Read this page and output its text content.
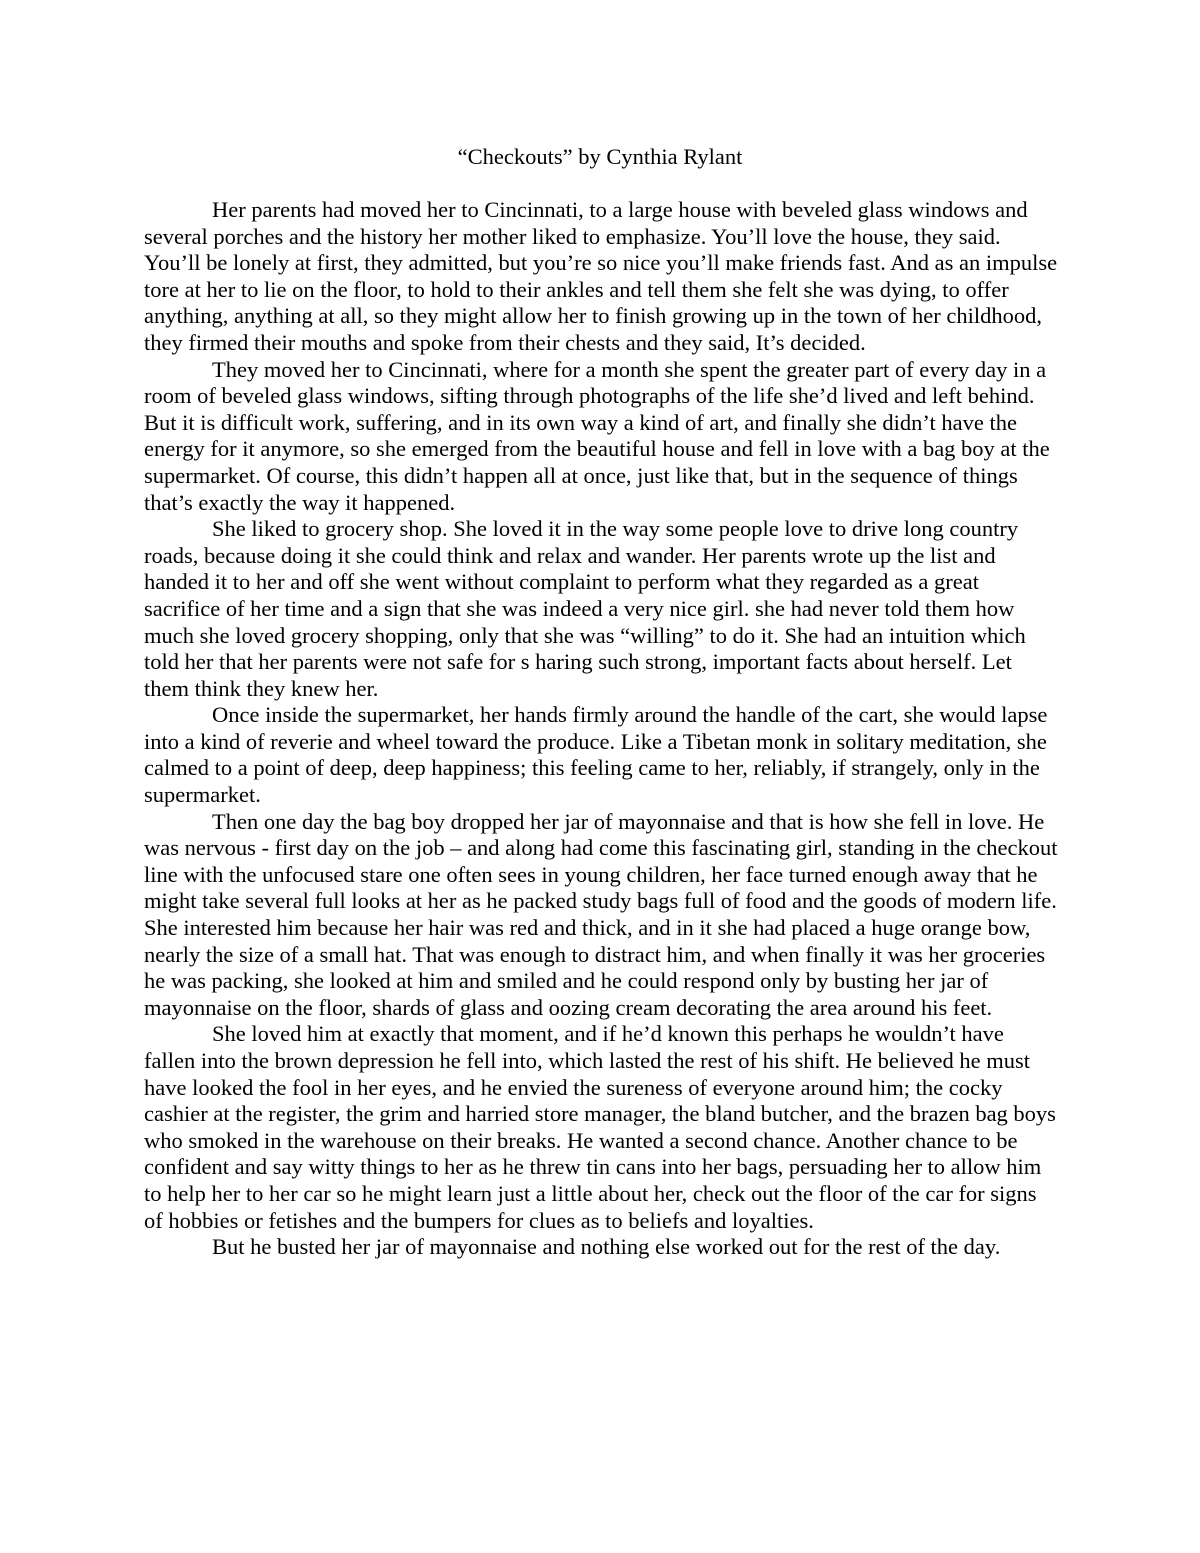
“Checkouts” by Cynthia Rylant

Her parents had moved her to Cincinnati, to a large house with beveled glass windows and several porches and the history her mother liked to emphasize. You’ll love the house, they said. You’ll be lonely at first, they admitted, but you’re so nice you’ll make friends fast. And as an impulse tore at her to lie on the floor, to hold to their ankles and tell them she felt she was dying, to offer anything, anything at all, so they might allow her to finish growing up in the town of her childhood, they firmed their mouths and spoke from their chests and they said, It’s decided.

They moved her to Cincinnati, where for a month she spent the greater part of every day in a room of beveled glass windows, sifting through photographs of the life she’d lived and left behind. But it is difficult work, suffering, and in its own way a kind of art, and finally she didn’t have the energy for it anymore, so she emerged from the beautiful house and fell in love with a bag boy at the supermarket. Of course, this didn’t happen all at once, just like that, but in the sequence of things that’s exactly the way it happened.

She liked to grocery shop. She loved it in the way some people love to drive long country roads, because doing it she could think and relax and wander. Her parents wrote up the list and handed it to her and off she went without complaint to perform what they regarded as a great sacrifice of her time and a sign that she was indeed a very nice girl. she had never told them how much she loved grocery shopping, only that she was “willing” to do it. She had an intuition which told her that her parents were not safe for s haring such strong, important facts about herself. Let them think they knew her.

Once inside the supermarket, her hands firmly around the handle of the cart, she would lapse into a kind of reverie and wheel toward the produce. Like a Tibetan monk in solitary meditation, she calmed to a point of deep, deep happiness; this feeling came to her, reliably, if strangely, only in the supermarket.

Then one day the bag boy dropped her jar of mayonnaise and that is how she fell in love. He was nervous - first day on the job – and along had come this fascinating girl, standing in the checkout line with the unfocused stare one often sees in young children, her face turned enough away that he might take several full looks at her as he packed study bags full of food and the goods of modern life. She interested him because her hair was red and thick, and in it she had placed a huge orange bow, nearly the size of a small hat. That was enough to distract him, and when finally it was her groceries he was packing, she looked at him and smiled and he could respond only by busting her jar of mayonnaise on the floor, shards of glass and oozing cream decorating the area around his feet.

She loved him at exactly that moment, and if he’d known this perhaps he wouldn’t have fallen into the brown depression he fell into, which lasted the rest of his shift. He believed he must have looked the fool in her eyes, and he envied the sureness of everyone around him; the cocky cashier at the register, the grim and harried store manager, the bland butcher, and the brazen bag boys who smoked in the warehouse on their breaks. He wanted a second chance. Another chance to be confident and say witty things to her as he threw tin cans into her bags, persuading her to allow him to help her to her car so he might learn just a little about her, check out the floor of the car for signs of hobbies or fetishes and the bumpers for clues as to beliefs and loyalties.

But he busted her jar of mayonnaise and nothing else worked out for the rest of the day.
